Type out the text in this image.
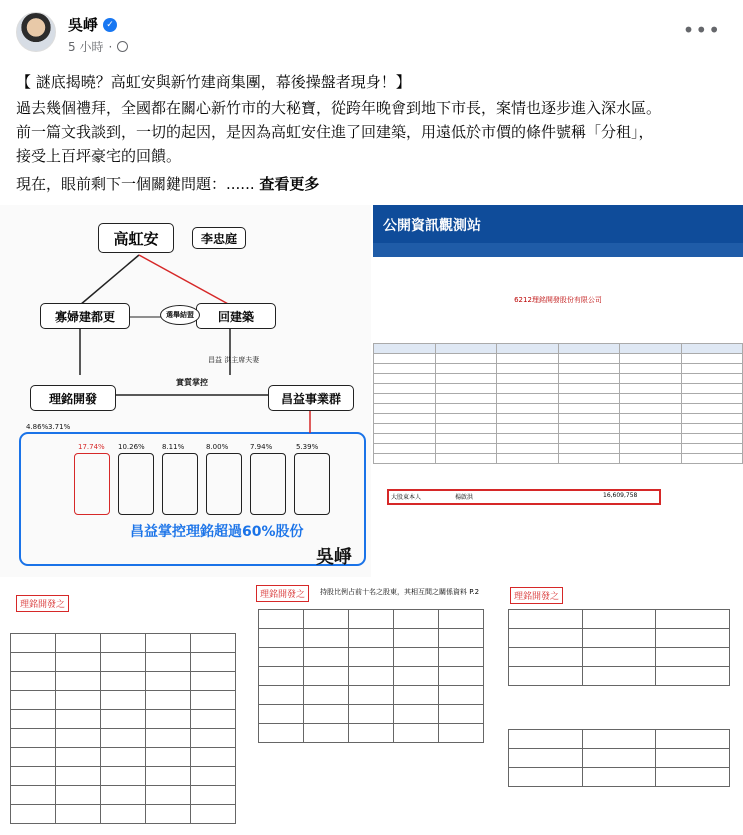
吳崢 ✓
5 小時 ·
•••
【 謎底揭曉？高虹安與新竹建商集團，幕後操盤者現身！】
過去幾個禮拜，全國都在關心新竹市的大秘寶，從跨年晚會到地下市長，案情也逐步進入深水區。
前一篇文我談到，一切的起因，是因為高虹安住進了回建築，用遠低於市價的條件號稱「分租」，
接受上百坪豪宅的回饋。
現在，眼前剩下一個關鍵問題：...... 查看更多
高虹安	李忠庭
寡婦建都更	回建築
選舉結盟
昌益 洪主席夫妻
理銘開發	昌益事業群
實質掌控
4.86% 3.71%
17.74% 10.26% 8.11%	8.00%	7.94%	5.39%
昌益掌控理銘超過60%股份
吳崢
公開資訊觀測站
6212理銘開發股份有限公司

大股東本人	楊啟洪	16,609,758
理銘開發之

理銘開發之	持股比例占前十名之股東，其相互間之關係資料 P.2

					理銘開發之
